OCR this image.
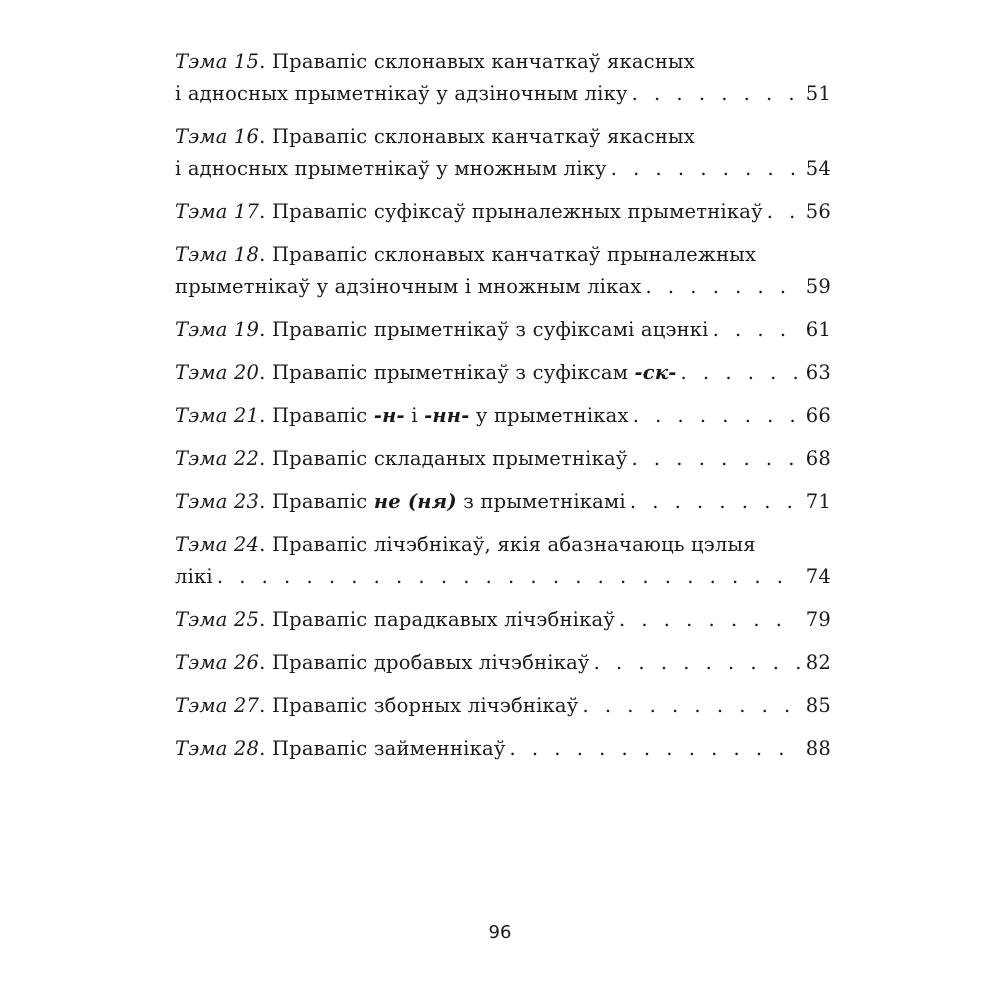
Тэма 15 . Правапіс склонавых канчаткаў якасных
і адносных прыметнікаў у адзіночным ліку . . .	51
Тэма 16 . Правапіс склонавых канчаткаў якасных
і адносных прыметнікаў у множным ліку . . .	54
Тэма 17 . Правапіс суфіксаў прыналежных прыметнікаў . . . 56
Тэма 18 . Правапіс склонавых канчаткаў прыналежных
прыметнікаў у адзіночным і множным ліках . . .	59
Тэма 19 . Правапіс прыметнікаў з суфіксамі ацэнкі . . .	61
Тэма 20 . Правапіс прыметнікаў з суфіксам -ск- . . .	63
Тэма 21 . Правапіс -н- і -нн- у прыметніках . . .	66
Тэма 22 . Правапіс складаных прыметнікаў . . .	68
Тэма 23 . Правапіс не (ня) з прыметнікамі . . .	71
Тэма 24 . Правапіс лічэбнікаў, якія абазначаюць цэлыя
лікі . . .	74
Тэма 25 . Правапіс парадкавых лічэбнікаў . . .	79
Тэма 26 . Правапіс дробавых лічэбнікаў . . .	82
Тэма 27 . Правапіс зборных лічэбнікаў . . .	85
Тэма 28 . Правапіс займеннікаў . . .	88
96
